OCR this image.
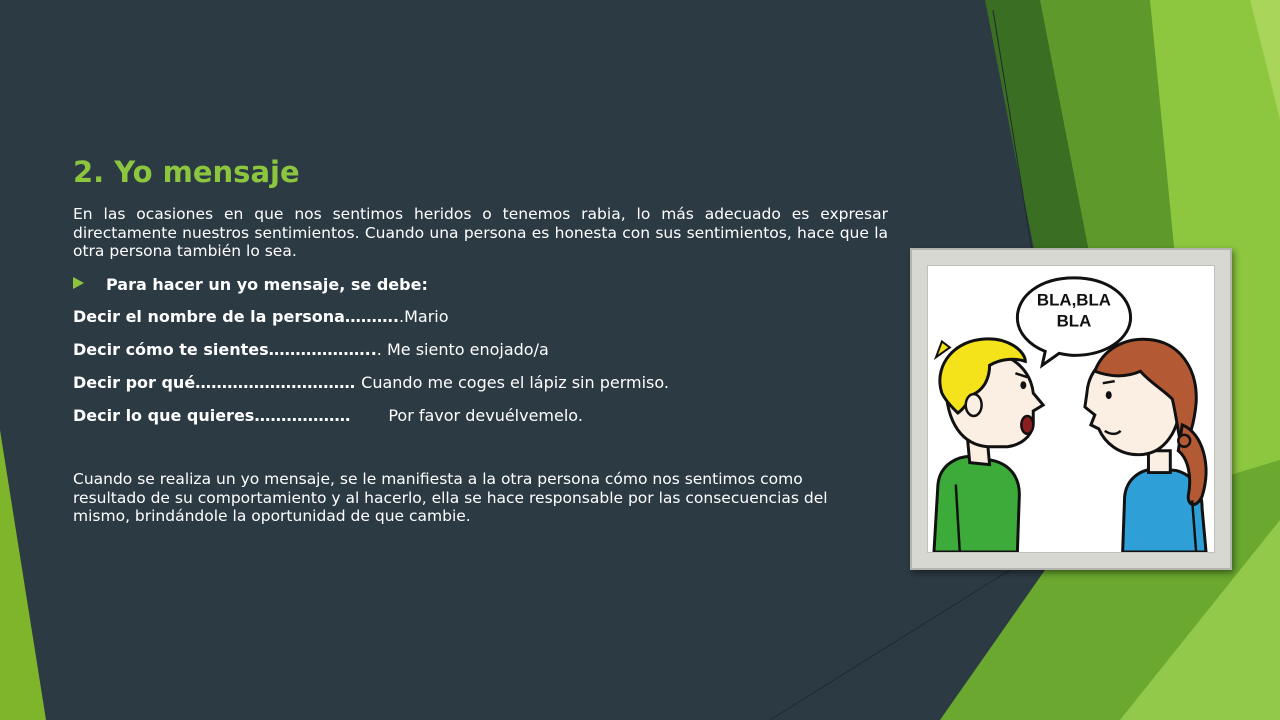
2. Yo mensaje

En las ocasiones en que nos sentimos heridos o tenemos rabia, lo más adecuado es expresar directamente nuestros sentimientos. Cuando una persona es honesta con sus sentimientos, hace que la otra persona también lo sea.

Para hacer un yo mensaje, se debe:
Decir el nombre de la persona………..Mario
Decir cómo te sientes………………... Me siento enojado/a
Decir por qué………………………… Cuando me coges el lápiz sin permiso.
Decir lo que quieres……………… Por favor devuélvemelo.

Cuando se realiza un yo mensaje, se le manifiesta a la otra persona cómo nos sentimos como resultado de su comportamiento y al hacerlo, ella se hace responsable por las consecuencias del mismo, brindándole la oportunidad de que cambie.

BLA,BLA
BLA
